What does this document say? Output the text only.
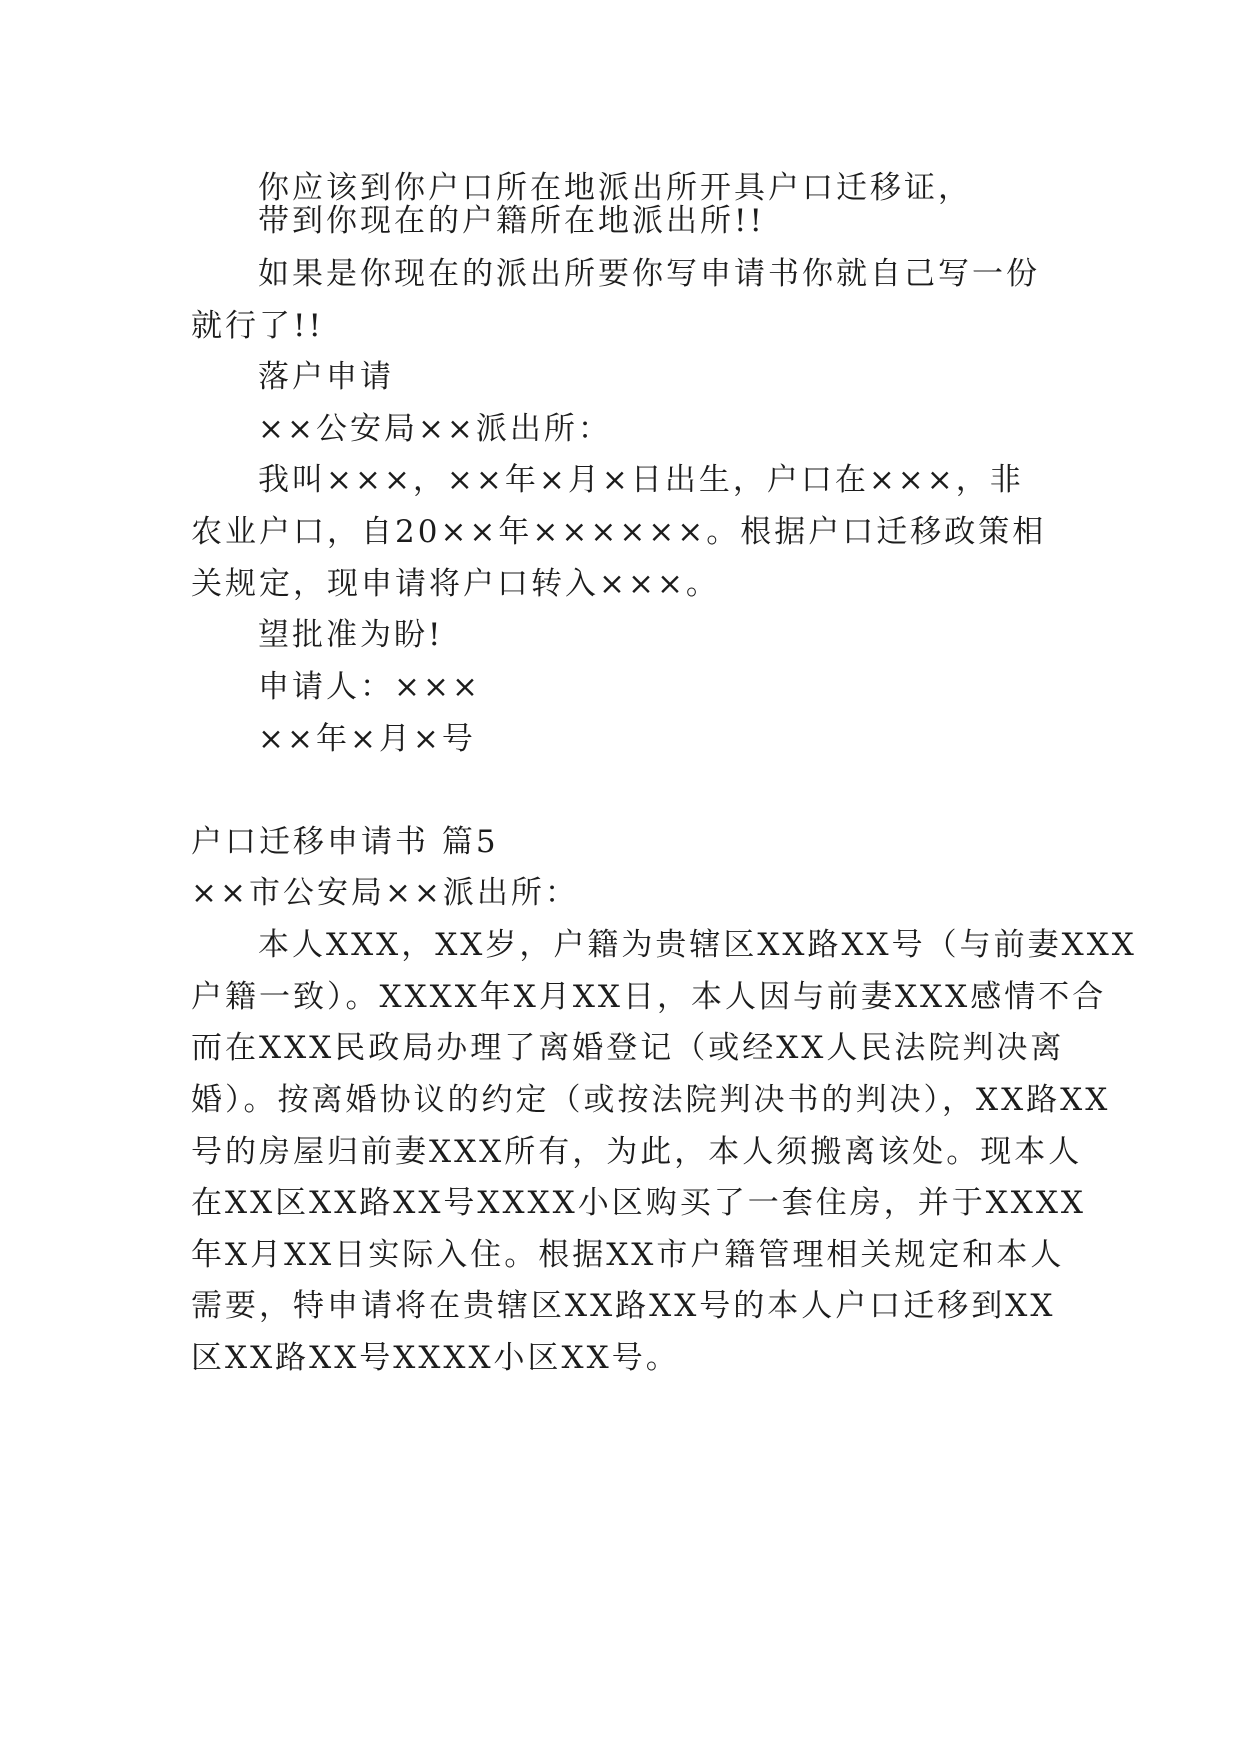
你应该到你户口所在地派出所开具户口迁移证，
带到你现在的户籍所在地派出所!!
如果是你现在的派出所要你写申请书你就自己写一份
就行了!!
落户申请
××公安局××派出所：
我叫×××，××年×月×日出生，户口在×××，非
农业户口，自20××年××××××。根据户口迁移政策相
关规定，现申请将户口转入×××。
望批准为盼!
申请人：×××
××年×月×号
户口迁移申请书 篇5
××市公安局××派出所：
本人XXX，XX岁，户籍为贵辖区XX路XX号（与前妻XXX
户籍一致）。XXXX年X月XX日，本人因与前妻XXX感情不合
而在XXX民政局办理了离婚登记（或经XX人民法院判决离
婚）。按离婚协议的约定（或按法院判决书的判决），XX路XX
号的房屋归前妻XXX所有，为此，本人须搬离该处。现本人
在XX区XX路XX号XXXX小区购买了一套住房，并于XXXX
年X月XX日实际入住。根据XX市户籍管理相关规定和本人
需要，特申请将在贵辖区XX路XX号的本人户口迁移到XX
区XX路XX号XXXX小区XX号。
